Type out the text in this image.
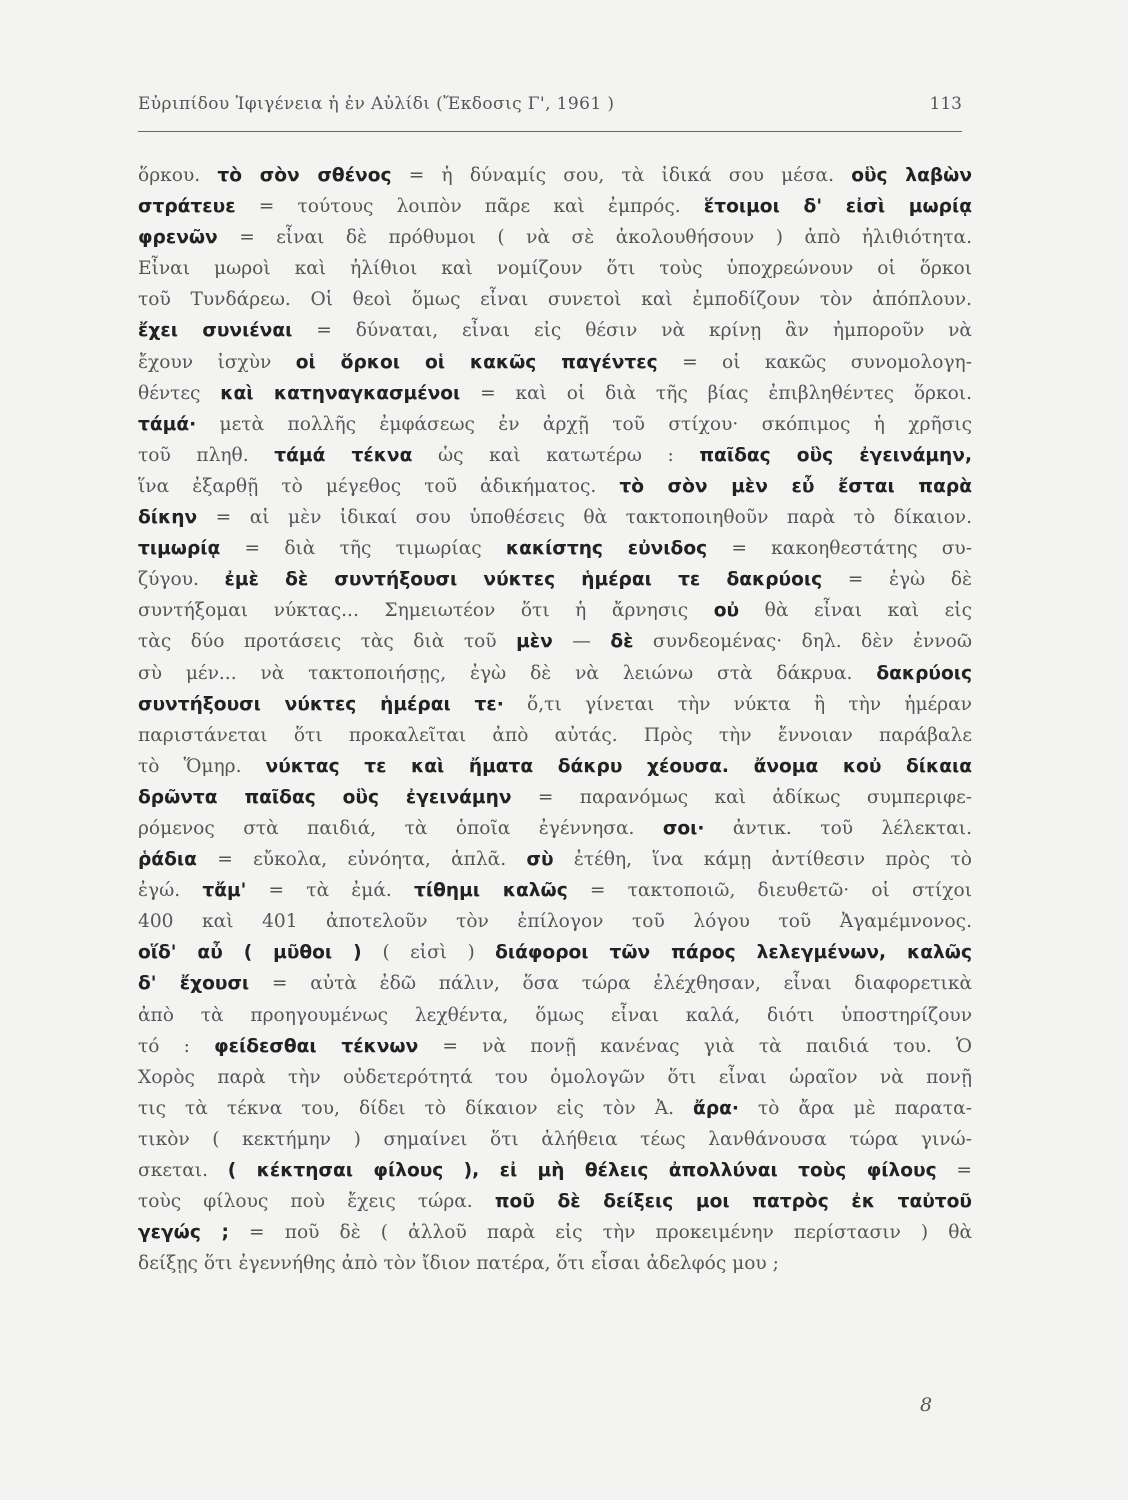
Εὐριπίδου Ἰφιγένεια ἡ ἐν Αὐλίδι (Ἔκδοσις Γ', 1961 )	113
ὅρκου. τὸ σὸν σθένος = ἡ δύναμίς σου, τὰ ἰδικά σου μέσα. οὓς λαβὼν
στράτευε = τούτους λοιπὸν πᾶρε καὶ ἐμπρός. ἕτοιμοι δ' εἰσὶ μωρίᾳ
φρενῶν = εἶναι δὲ πρόθυμοι ( νὰ σὲ ἀκολουθήσουν ) ἀπὸ ἠλιθιότητα.
Εἶναι μωροὶ καὶ ἠλίθιοι καὶ νομίζουν ὅτι τοὺς ὑποχρεώνουν οἱ ὅρκοι
τοῦ Τυνδάρεω. Οἱ θεοὶ ὅμως εἶναι συνετοὶ καὶ ἐμποδίζουν τὸν ἀπόπλουν.
ἔχει συνιέναι = δύναται, εἶναι εἰς θέσιν νὰ κρίνῃ ἂν ἠμποροῦν νὰ
ἔχουν ἰσχὺν οἱ ὅρκοι οἱ κακῶς παγέντες = οἱ κακῶς συνομολογη-
θέντες καὶ κατηναγκασμένοι = καὶ οἱ διὰ τῆς βίας ἐπιβληθέντες ὅρκοι.
τάμά· μετὰ πολλῆς ἐμφάσεως ἐν ἀρχῇ τοῦ στίχου· σκόπιμος ἡ χρῆσις
τοῦ πληθ. τάμά τέκνα ὡς καὶ κατωτέρω : παῖδας οὓς ἐγεινάμην,
ἵνα ἐξαρθῇ τὸ μέγεθος τοῦ ἀδικήματος. τὸ σὸν μὲν εὖ ἔσται παρὰ
δίκην = αἱ μὲν ἰδικαί σου ὑποθέσεις θὰ τακτοποιηθοῦν παρὰ τὸ δίκαιον.
τιμωρίᾳ = διὰ τῆς τιμωρίας κακίστης εὐνιδος = κακοηθεστάτης συ-
ζύγου. ἐμὲ δὲ συντήξουσι νύκτες ἡμέραι τε δακρύοις = ἐγὼ δὲ
συντήξομαι νύκτας... Σημειωτέον ὅτι ἡ ἄρνησις οὐ θὰ εἶναι καὶ εἰς
τὰς δύο προτάσεις τὰς διὰ τοῦ μὲν — δὲ συνδεομένας· δηλ. δὲν ἐννοῶ
σὺ μέν... νὰ τακτοποιήσῃς, ἐγὼ δὲ νὰ λειώνω στὰ δάκρυα. δακρύοις
συντήξουσι νύκτες ἡμέραι τε· ὅ,τι γίνεται τὴν νύκτα ἢ τὴν ἡμέραν
παριστάνεται ὅτι προκαλεῖται ἀπὸ αὐτάς. Πρὸς τὴν ἔννοιαν παράβαλε
τὸ Ὅμηρ. νύκτας τε καὶ ἤματα δάκρυ χέουσα. ἄνομα κοὐ δίκαια
δρῶντα παῖδας οὓς ἐγεινάμην = παρανόμως καὶ ἀδίκως συμπεριφε-
ρόμενος στὰ παιδιά, τὰ ὁποῖα ἐγέννησα. σοι· ἀντικ. τοῦ λέλεκται.
ῥάδια = εὔκολα, εὐνόητα, ἁπλᾶ. σὺ ἐτέθη, ἵνα κάμῃ ἀντίθεσιν πρὸς τὸ
ἐγώ. τἄμ' = τὰ ἐμά. τίθημι καλῶς = τακτοποιῶ, διευθετῶ· οἱ στίχοι
400 καὶ 401 ἀποτελοῦν τὸν ἐπίλογον τοῦ λόγου τοῦ Ἀγαμέμνονος.
οἵδ' αὖ ( μῦθοι ) ( εἰσὶ ) διάφοροι τῶν πάρος λελεγμένων, καλῶς
δ' ἔχουσι = αὐτὰ ἐδῶ πάλιν, ὅσα τώρα ἐλέχθησαν, εἶναι διαφορετικὰ
ἀπὸ τὰ προηγουμένως λεχθέντα, ὅμως εἶναι καλά, διότι ὑποστηρίζουν
τό : φείδεσθαι τέκνων = νὰ πονῇ κανένας γιὰ τὰ παιδιά του. Ὁ
Χορὸς παρὰ τὴν οὐδετερότητά του ὁμολογῶν ὅτι εἶναι ὡραῖον νὰ πονῇ
τις τὰ τέκνα του, δίδει τὸ δίκαιον εἰς τὸν Ἀ. ἄρα· τὸ ἄρα μὲ παρατα-
τικὸν ( κεκτήμην ) σημαίνει ὅτι ἀλήθεια τέως λανθάνουσα τώρα γινώ-
σκεται. ( κέκτησαι φίλους ), εἰ μὴ θέλεις ἀπολλύναι τοὺς φίλους =
τοὺς φίλους ποὺ ἔχεις τώρα. ποῦ δὲ δείξεις μοι πατρὸς ἐκ ταὐτοῦ
γεγώς ; = ποῦ δὲ ( ἀλλοῦ παρὰ εἰς τὴν προκειμένην περίστασιν ) θὰ
δείξῃς ὅτι ἐγεννήθης ἀπὸ τὸν ἴδιον πατέρα, ὅτι εἶσαι ἀδελφός μου ;
8
